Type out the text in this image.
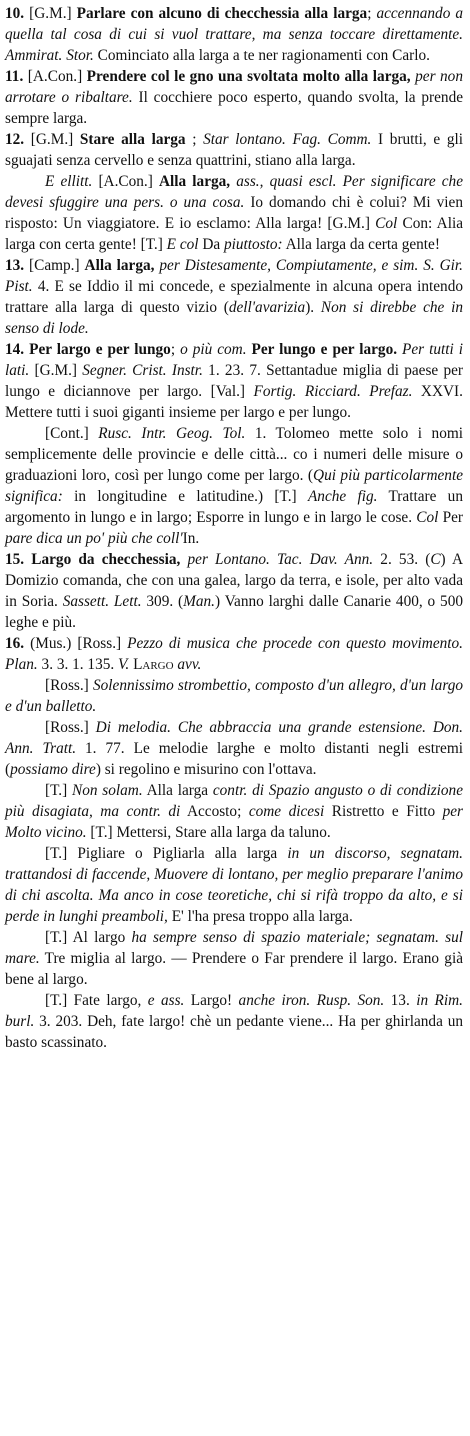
10. [G.M.] Parlare con alcuno di checchessia alla larga; accennando a quella tal cosa di cui si vuol trattare, ma senza toccare direttamente. Ammirat. Stor. Cominciato alla larga a te ner ragionamenti con Carlo.

11. [A.Con.] Prendere col le gno una svoltata molto alla larga, per non arrotare o ribaltare. Il cocchiere poco esperto, quando svolta, la prende sempre larga.

12. [G.M.] Stare alla larga ; Star lontano. Fag. Comm. I brutti, e gli sguajati senza cervello e senza quattrini, stiano alla larga.

E ellitt. [A.Con.] Alla larga, ass., quasi escl. Per significare che devesi sfuggire una pers. o una cosa. Io domando chi è colui? Mi vien risposto: Un viaggiatore. E io esclamo: Alla larga! [G.M.] Col Con: Alia larga con certa gente! [T.] E col Da piuttosto: Alla larga da certa gente!

13. [Camp.] Alla larga, per Distesamente, Compiutamente, e sim. S. Gir. Pist. 4. E se Iddio il mi concede, e spezialmente in alcuna opera intendo trattare alla larga di questo vizio (dell'avarizia). Non si direbbe che in senso di lode.

14. Per largo e per lungo; o più com. Per lungo e per largo. Per tutti i lati. [G.M.] Segner. Crist. Instr. 1. 23. 7. Settantadue miglia di paese per lungo e diciannove per largo. [Val.] Fortig. Ricciard. Prefaz. XXVI. Mettere tutti i suoi giganti insieme per largo e per lungo.

[Cont.] Rusc. Intr. Geog. Tol. 1. Tolomeo mette solo i nomi semplicemente delle provincie e delle città... co i numeri delle misure o graduazioni loro, così per lungo come per largo. (Qui più particolarmente significa: in longitudine e latitudine.) [T.] Anche fig. Trattare un argomento in lungo e in largo; Esporre in lungo e in largo le cose. Col Per pare dica un po' più che coll'In.

15. Largo da checchessia, per Lontano. Tac. Dav. Ann. 2. 53. (C) A Domizio comanda, che con una galea, largo da terra, e isole, per alto vada in Soria. Sassett. Lett. 309. (Man.) Vanno larghi dalle Canarie 400, o 500 leghe e più.

16. (Mus.) [Ross.] Pezzo di musica che procede con questo movimento. Plan. 3. 3. 1. 135. V. Largo avv.

[Ross.] Solennissimo strombettio, composto d'un allegro, d'un largo e d'un balletto.

[Ross.] Di melodia. Che abbraccia una grande estensione. Don. Ann. Tratt. 1. 77. Le melodie larghe e molto distanti negli estremi (possiamo dire) si regolino e misurino con l'ottava.

[T.] Non solam. Alla larga contr. di Spazio angusto o di condizione più disagiata, ma contr. di Accosto; come dicesi Ristretto e Fitto per Molto vicino. [T.] Mettersi, Stare alla larga da taluno.

[T.] Pigliare o Pigliarla alla larga in un discorso, segnatam. trattandosi di faccende, Muovere di lontano, per meglio preparare l'animo di chi ascolta. Ma anco in cose teoretiche, chi si rifà troppo da alto, e si perde in lunghi preamboli, E' l'ha presa troppo alla larga.

[T.] Al largo ha sempre senso di spazio materiale; segnatam. sul mare. Tre miglia al largo. — Prendere o Far prendere il largo. Erano già bene al largo.

[T.] Fate largo, e ass. Largo! anche iron. Rusp. Son. 13. in Rim. burl. 3. 203. Deh, fate largo! chè un pedante viene... Ha per ghirlanda un basto scassinato.
